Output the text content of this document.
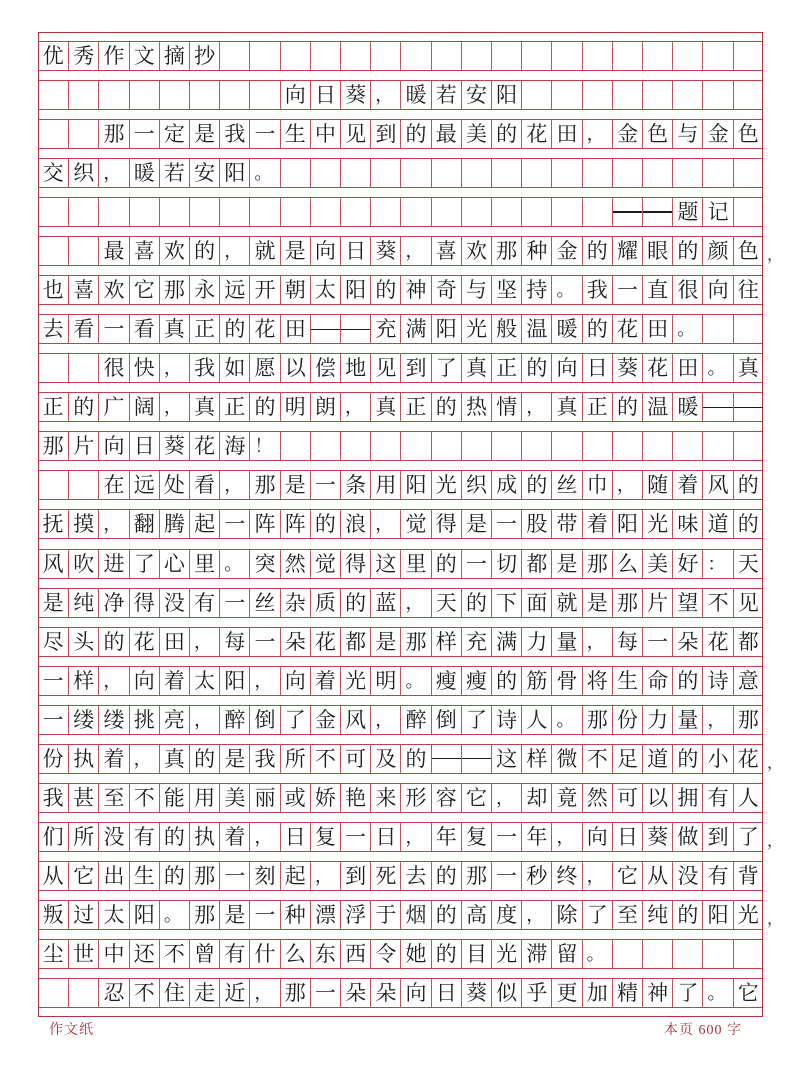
优 秀 作 文 摘 抄
向 日 葵 ， 暖 若 安 阳
那 一 定 是 我 一 生 中 见 到 的 最 美 的 花 田 ， 金 色 与 金 色
交 织 ， 暖 若 安 阳 。
题 记
最 喜 欢 的 ， 就 是 向 日 葵 ， 喜 欢 那 种 金 的 耀 眼 的 颜 色
也 喜 欢 它 那 永 远 开 朝 太 阳 的 神 奇 与 坚 持 。 我 一 直 很 向 往
去 看 一 看 真 正 的 花 田	充 满 阳 光 般 温 暖 的 花 田 。
很 快 ， 我 如 愿 以 偿 地 见 到 了 真 正 的 向 日 葵 花 田 。 真
正 的 广 阔 ， 真 正 的 明 朗 ， 真 正 的 热 情 ， 真 正 的 温 暖
那 片 向 日 葵 花 海 ！
在 远 处 看 ， 那 是 一 条 用 阳 光 织 成 的 丝 巾 ， 随 着 风 的
抚 摸 ， 翻 腾 起 一 阵 阵 的 浪 ， 觉 得 是 一 股 带 着 阳 光 味 道 的
风 吹 进 了 心 里 。 突 然 觉 得 这 里 的 一 切 都 是 那 么 美 好 ： 天
是 纯 净 得 没 有 一 丝 杂 质 的 蓝 ， 天 的 下 面 就 是 那 片 望 不 见
尽 头 的 花 田 ， 每 一 朵 花 都 是 那 样 充 满 力 量 ， 每 一 朵 花 都
一 样 ， 向 着 太 阳 ， 向 着 光 明 。 瘦 瘦 的 筋 骨 将 生 命 的 诗 意
一 缕 缕 挑 亮 ， 醉 倒 了 金 风 ， 醉 倒 了 诗 人 。 那 份 力 量 ， 那
份 执 着 ， 真 的 是 我 所 不 可 及 的	这 样 微 不 足 道 的 小 花
我 甚 至 不 能 用 美 丽 或 娇 艳 来 形 容 它 ， 却 竟 然 可 以 拥 有 人
们 所 没 有 的 执 着 ， 日 复 一 日 ， 年 复 一 年 ， 向 日 葵 做 到 了
从 它 出 生 的 那 一 刻 起 ， 到 死 去 的 那 一 秒 终 ， 它 从 没 有 背
叛 过 太 阳 。 那 是 一 种 漂 浮 于 烟 的 高 度 ， 除 了 至 纯 的 阳 光
尘 世 中 还 不 曾 有 什 么 东 西 令 她 的 目 光 滞 留 。
忍 不 住 走 近 ， 那 一 朵 朵 向 日 葵 似 乎 更 加 精 神 了 。 它
作文纸	本页 600 字
，
，
，
，
